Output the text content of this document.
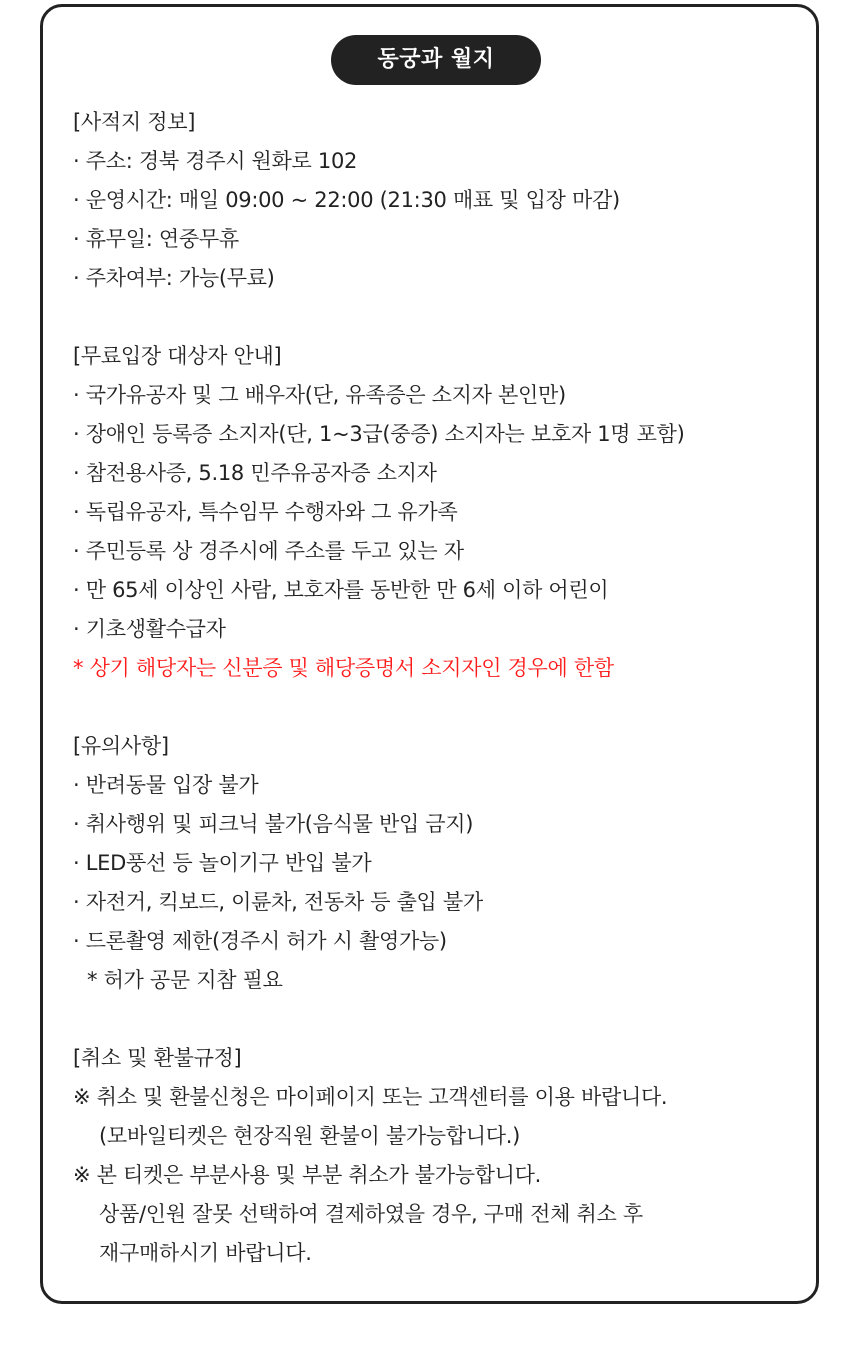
동궁과 월지
[사적지 정보]
· 주소: 경북 경주시 원화로 102
· 운영시간: 매일 09:00 ~ 22:00 (21:30 매표 및 입장 마감)
· 휴무일: 연중무휴
· 주차여부: 가능(무료)
[무료입장 대상자 안내]
· 국가유공자 및 그 배우자(단, 유족증은 소지자 본인만)
· 장애인 등록증 소지자(단, 1~3급(중증) 소지자는 보호자 1명 포함)
· 참전용사증, 5.18 민주유공자증 소지자
· 독립유공자, 특수임무 수행자와 그 유가족
· 주민등록 상 경주시에 주소를 두고 있는 자
· 만 65세 이상인 사람, 보호자를 동반한 만 6세 이하 어린이
· 기초생활수급자
* 상기 해당자는 신분증 및 해당증명서 소지자인 경우에 한함
[유의사항]
· 반려동물 입장 불가
· 취사행위 및 피크닉 불가(음식물 반입 금지)
· LED풍선 등 놀이기구 반입 불가
· 자전거, 킥보드, 이륜차, 전동차 등 출입 불가
· 드론촬영 제한(경주시 허가 시 촬영가능)
* 허가 공문 지참 필요
[취소 및 환불규정]
※ 취소 및 환불신청은 마이페이지 또는 고객센터를 이용 바랍니다.
(모바일티켓은 현장직원 환불이 불가능합니다.)
※ 본 티켓은 부분사용 및 부분 취소가 불가능합니다.
상품/인원 잘못 선택하여 결제하였을 경우, 구매 전체 취소 후
재구매하시기 바랍니다.
